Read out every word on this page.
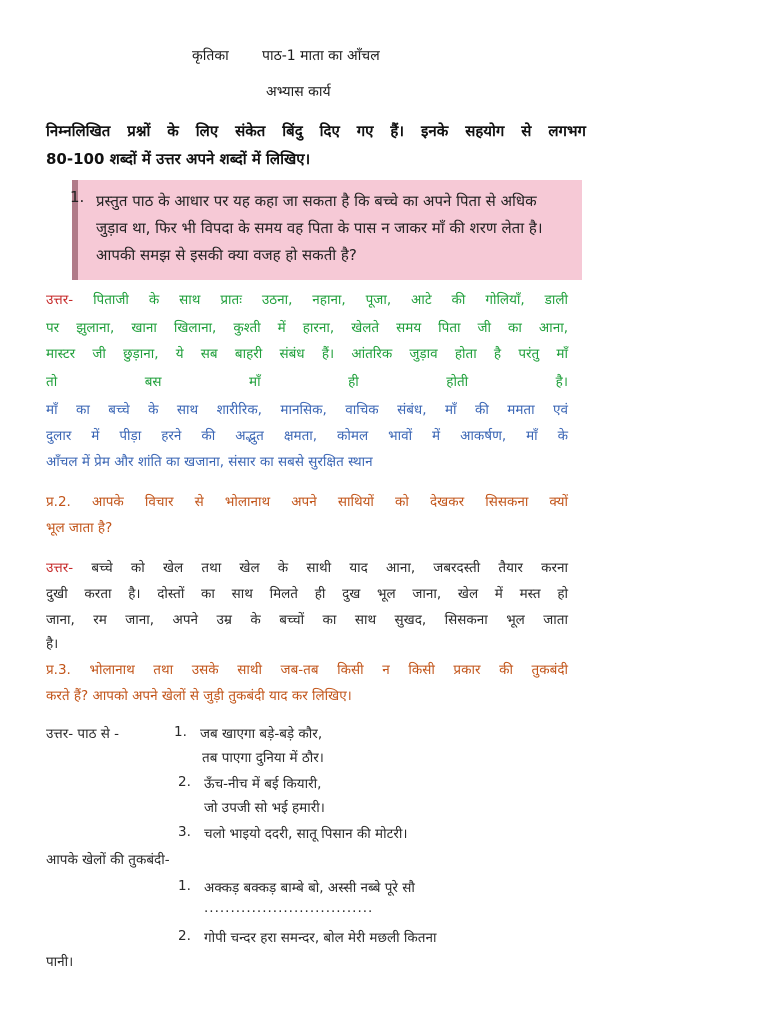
कृतिका पाठ-1 माता का आँचल
अभ्यास कार्य
निम्नलिखित प्रश्नों के लिए संकेत बिंदु दिए गए हैं। इनके सहयोग से लगभग
80-100 शब्दों में उत्तर अपने शब्दों में लिखिए।
1. प्रस्तुत पाठ के आधार पर यह कहा जा सकता है कि बच्चे का अपने पिता से अधिक
जुड़ाव था, फिर भी विपदा के समय वह पिता के पास न जाकर माँ की शरण लेता है।
आपकी समझ से इसकी क्या वजह हो सकती है?
उत्तर- पिताजी के साथ प्रातः उठना, नहाना, पूजा, आटे की गोलियाँ, डाली
पर झुलाना, खाना खिलाना, कुश्ती में हारना, खेलते समय पिता जी का आना,
मास्टर जी छुड़ाना, ये सब बाहरी संबंध हैं। आंतरिक जुड़ाव होता है परंतु माँ
तो	बस	माँ	ही	होती	है।
माँ का बच्चे के साथ शारीरिक, मानसिक, वाचिक संबंध, माँ की ममता एवं
दुलार में पीड़ा हरने की अद्भुत क्षमता, कोमल भावों में आकर्षण, माँ के
आँचल में प्रेम और शांति का खजाना, संसार का सबसे सुरक्षित स्थान
प्र.2. आपके विचार से भोलानाथ अपने साथियों को देखकर सिसकना क्यों
भूल जाता है?
उत्तर- बच्चे को खेल तथा खेल के साथी याद आना, जबरदस्ती तैयार करना
दुखी करता है। दोस्तों का साथ मिलते ही दुख भूल जाना, खेल में मस्त हो
जाना, रम जाना, अपने उम्र के बच्चों का साथ सुखद, सिसकना भूल जाता
है।
प्र.3. भोलानाथ तथा उसके साथी जब-तब किसी न किसी प्रकार की तुकबंदी
करते हैं? आपको अपने खेलों से जुड़ी तुकबंदी याद कर लिखिए।
उत्तर- पाठ से -	1. जब खाएगा बड़े-बड़े कौर,
तब पाएगा दुनिया में ठौर।
2. ऊँच-नीच में बई कियारी,
जो उपजी सो भई हमारी।
3. चलो भाइयो ददरी, सातू पिसान की मोटरी।
आपके खेलों की तुकबंदी-
1. अक्कड़ बक्कड़ बाम्बे बो, अस्सी नब्बे पूरे सौ
................................
2. गोपी चन्दर हरा समन्दर, बोल मेरी मछली कितना
पानी।
